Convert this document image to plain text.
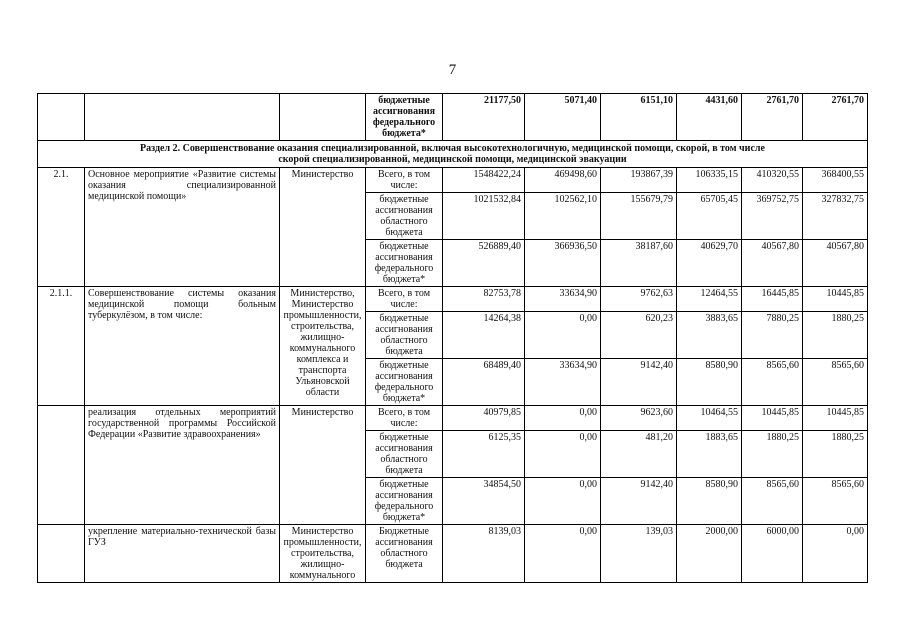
7
			бюджетные ассигнования федерального бюджета*	21177,50	5071,40	6151,10	4431,60	2761,70	2761,70
Раздел 2. Совершенствование оказания специализированной, включая высокотехнологичную, медицинской помощи, скорой, в том числе скорой специализированной, медицинской помощи, медицинской эвакуации									
2.1.	Основное мероприятие «Развитие системы оказания специализированной медицинской помощи»	Министерство	Всего, в том числе:	1548422,24	469498,60	193867,39	106335,15	410320,55	368400,55
			бюджетные ассигнования областного бюджета	1021532,84	102562,10	155679,79	65705,45	369752,75	327832,75
			бюджетные ассигнования федерального бюджета*	526889,40	366936,50	38187,60	40629,70	40567,80	40567,80
2.1.1.	Совершенствование системы оказания медицинской помощи больным туберкулёзом, в том числе:	Министерство, Министерство промышленности, строительства, жилищно-коммунального комплекса и транспорта Ульяновской области	Всего, в том числе:	82753,78	33634,90	9762,63	12464,55	16445,85	10445,85
			бюджетные ассигнования областного бюджета	14264,38	0,00	620,23	3883,65	7880,25	1880,25
			бюджетные ассигнования федерального бюджета*	68489,40	33634,90	9142,40	8580,90	8565,60	8565,60
	реализация отдельных мероприятий государственной программы Российской Федерации «Развитие здравоохранения»	Министерство	Всего, в том числе:	40979,85	0,00	9623,60	10464,55	10445,85	10445,85
			бюджетные ассигнования областного бюджета	6125,35	0,00	481,20	1883,65	1880,25	1880,25
			бюджетные ассигнования федерального бюджета*	34854,50	0,00	9142,40	8580,90	8565,60	8565,60
	укрепление материально-технической базы ГУЗ	Министерство промышленности, строительства, жилищно-коммунального	Бюджетные ассигнования областного бюджета	8139,03	0,00	139,03	2000,00	6000,00	0,00
